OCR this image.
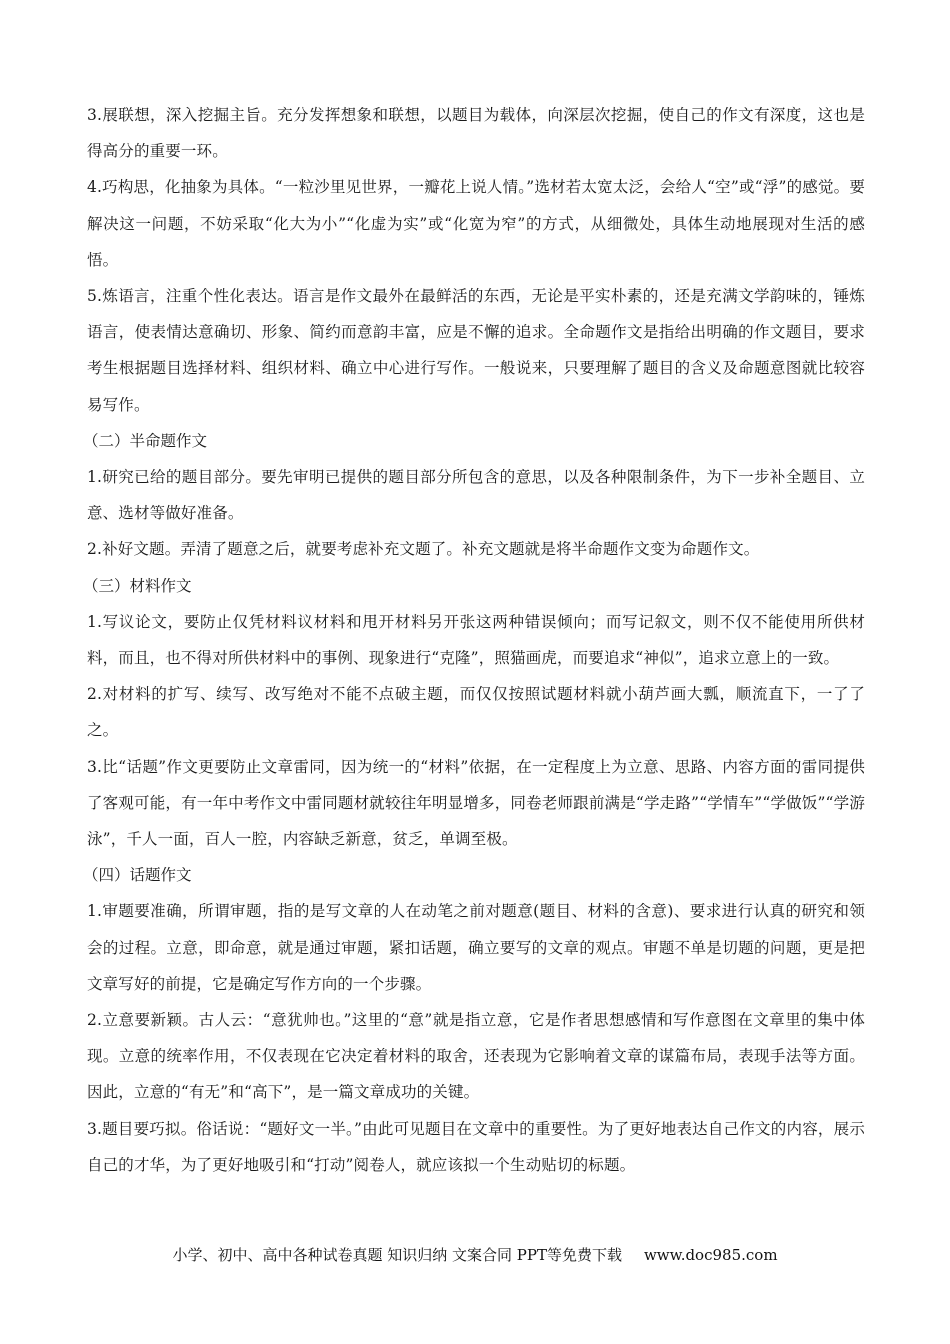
3.展联想，深入挖掘主旨。充分发挥想象和联想，以题目为载体，向深层次挖掘，使自己的作文有深度，这也是得高分的重要一环。

4.巧构思，化抽象为具体。“一粒沙里见世界，一瓣花上说人情。”选材若太宽太泛，会给人“空”或“浮”的感觉。要解决这一问题，不妨采取“化大为小”“化虚为实”或“化宽为窄”的方式，从细微处，具体生动地展现对生活的感悟。

5.炼语言，注重个性化表达。语言是作文最外在最鲜活的东西，无论是平实朴素的，还是充满文学韵味的，锤炼语言，使表情达意确切、形象、简约而意韵丰富，应是不懈的追求。全命题作文是指给出明确的作文题目，要求考生根据题目选择材料、组织材料、确立中心进行写作。一般说来，只要理解了题目的含义及命题意图就比较容易写作。

（二）半命题作文

1.研究已给的题目部分。要先审明已提供的题目部分所包含的意思，以及各种限制条件，为下一步补全题目、立意、选材等做好准备。

2.补好文题。弄清了题意之后，就要考虑补充文题了。补充文题就是将半命题作文变为命题作文。

（三）材料作文

1.写议论文，要防止仅凭材料议材料和甩开材料另开张这两种错误倾向；而写记叙文，则不仅不能使用所供材料，而且，也不得对所供材料中的事例、现象进行“克隆”，照猫画虎，而要追求“神似”，追求立意上的一致。

2.对材料的扩写、续写、改写绝对不能不点破主题，而仅仅按照试题材料就小葫芦画大瓢，顺流直下，一了了之。

3.比“话题”作文更要防止文章雷同，因为统一的“材料”依据，在一定程度上为立意、思路、内容方面的雷同提供了客观可能，有一年中考作文中雷同题材就较往年明显增多，同卷老师跟前满是“学走路”“学情车”“学做饭”“学游泳”，千人一面，百人一腔，内容缺乏新意，贫乏，单调至极。

（四）话题作文

1.审题要准确，所谓审题，指的是写文章的人在动笔之前对题意(题目、材料的含意)、要求进行认真的研究和领会的过程。立意，即命意，就是通过审题，紧扣话题，确立要写的文章的观点。审题不单是切题的问题，更是把文章写好的前提，它是确定写作方向的一个步骤。

2.立意要新颖。古人云：“意犹帅也。”这里的“意”就是指立意，它是作者思想感情和写作意图在文章里的集中体现。立意的统率作用，不仅表现在它决定着材料的取舍，还表现为它影响着文章的谋篇布局，表现手法等方面。因此，立意的“有无”和“高下”，是一篇文章成功的关键。

3.题目要巧拟。俗话说：“题好文一半。”由此可见题目在文章中的重要性。为了更好地表达自己作文的内容，展示自己的才华，为了更好地吸引和“打动”阅卷人，就应该拟一个生动贴切的标题。

小学、初中、高中各种试卷真题 知识归纳 文案合同 PPT等免费下载 www.doc985.com
